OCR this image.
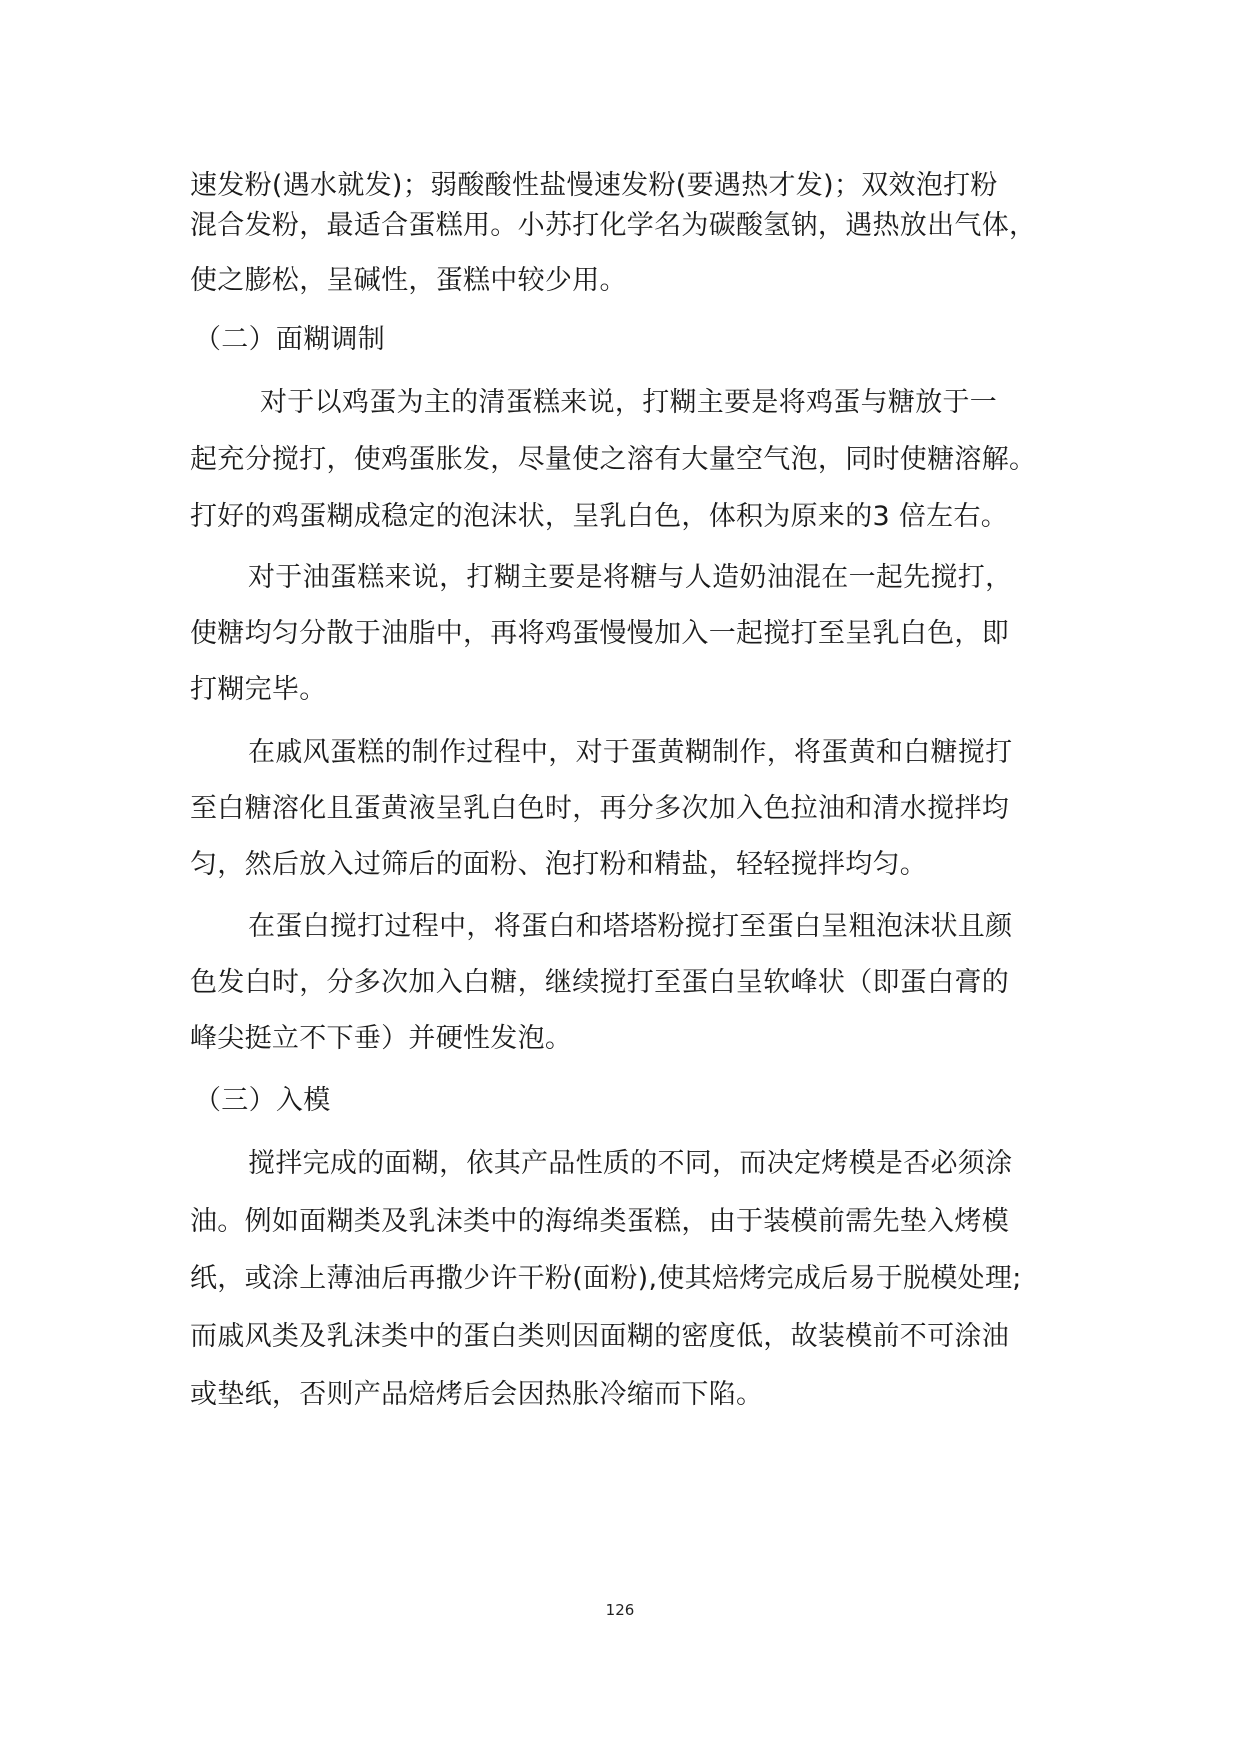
速发粉(遇水就发)；弱酸酸性盐慢速发粉(要遇热才发)；双效泡打粉
混合发粉，最适合蛋糕用。小苏打化学名为碳酸氢钠，遇热放出气体，
使之膨松，呈碱性，蛋糕中较少用。
（二）面糊调制
对于以鸡蛋为主的清蛋糕来说，打糊主要是将鸡蛋与糖放于一
起充分搅打，使鸡蛋胀发，尽量使之溶有大量空气泡，同时使糖溶解。
打好的鸡蛋糊成稳定的泡沫状，呈乳白色，体积为原来的3 倍左右。
对于油蛋糕来说，打糊主要是将糖与人造奶油混在一起先搅打，
使糖均匀分散于油脂中，再将鸡蛋慢慢加入一起搅打至呈乳白色，即
打糊完毕。
在戚风蛋糕的制作过程中，对于蛋黄糊制作，将蛋黄和白糖搅打
至白糖溶化且蛋黄液呈乳白色时，再分多次加入色拉油和清水搅拌均
匀，然后放入过筛后的面粉、泡打粉和精盐，轻轻搅拌均匀。
在蛋白搅打过程中，将蛋白和塔塔粉搅打至蛋白呈粗泡沫状且颜
色发白时，分多次加入白糖，继续搅打至蛋白呈软峰状（即蛋白膏的
峰尖挺立不下垂）并硬性发泡。
（三）入模
搅拌完成的面糊，依其产品性质的不同，而决定烤模是否必须涂
油。例如面糊类及乳沫类中的海绵类蛋糕，由于装模前需先垫入烤模
纸，或涂上薄油后再撒少许干粉(面粉),使其焙烤完成后易于脱模处理;
而戚风类及乳沫类中的蛋白类则因面糊的密度低，故装模前不可涂油
或垫纸，否则产品焙烤后会因热胀冷缩而下陷。
126
